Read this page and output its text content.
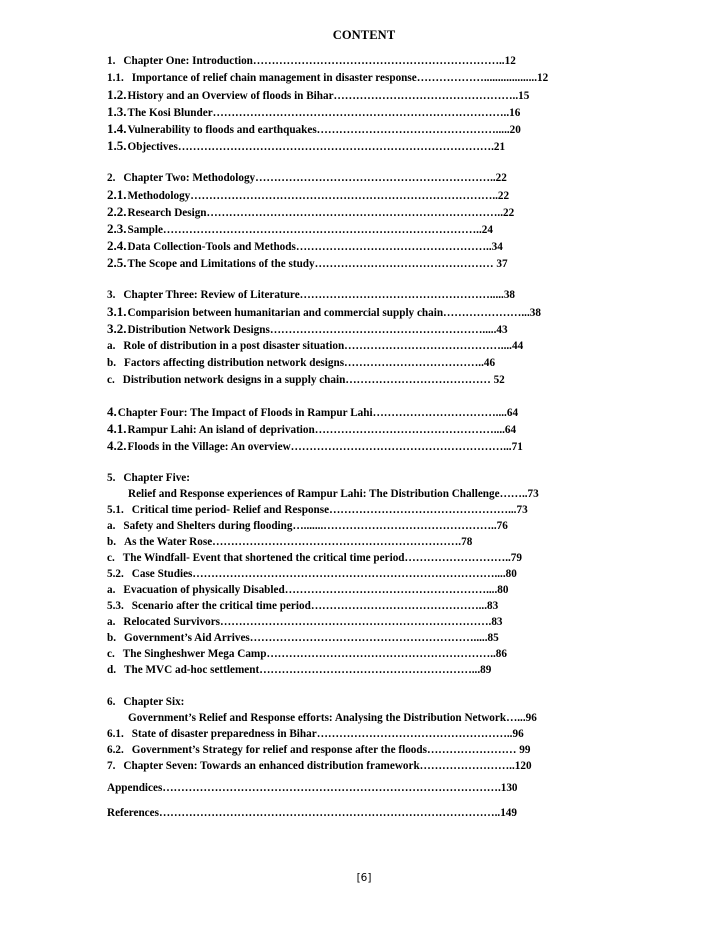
CONTENT
1. Chapter One: Introduction…………………………………………………………..12
1.1. Importance of relief chain management in disaster response………………...................12
1.2.History and an Overview of floods in Bihar…………………………………………..15
1.3.The Kosi Blunder……………………………………………………………………..16
1.4.Vulnerability to floods and earthquakes………………………………………….....20
1.5.Objectives………………………………………………………………………….21
2. Chapter Two: Methodology………………………………………………………..22
2.1.Methodology………………………………………………………………………..22
2.2.Research Design……………………………………………………………………..22
2.3.Sample…………………………………………………………………………..24
2.4.Data Collection-Tools and Methods……………………………………………..34
2.5.The Scope and Limitations of the study………………………………………… 37
3. Chapter Three: Review of Literature…………………………………………….....38
3.1.Comparision between humanitarian and commercial supply chain…………………...38
3.2.Distribution Network Designs………………………………………………….....43
a. Role of distribution in a post disaster situation……………………………………....44
b. Factors affecting distribution network designs………………………………..46
c. Distribution network designs in a supply chain………………………………… 52
4.Chapter Four: The Impact of Floods in Rampur Lahi……………………………....64
4.1.Rampur Lahi: An island of deprivation…………………………………………....64
4.2.Floods in the Village: An overview…………………………………………………...71
5. Chapter Five:
Relief and Response experiences of Rampur Lahi: The Distribution Challenge……..73
5.1. Critical time period- Relief and Response…………………………………………...73
a. Safety and Shelters during flooding….......………………………………………..76
b. As the Water Rose………………………………………………………….78
c. The Windfall- Event that shortened the critical time period………………………..79
5.2. Case Studies………………………………………………………………………....80
a. Evacuation of physically Disabled………………………………………………....80
5.3. Scenario after the critical time period………………………………………...83
a. Relocated Survivors……………………………………………………………….83
b. Government’s Aid Arrives…………………………………………………….....85
c. The Singheshwer Mega Camp……………………………………………………..86
d. The MVC ad-hoc settlement…………………………………………………...89
6. Chapter Six:
Government’s Relief and Response efforts: Analysing the Distribution Network…...96
6.1. State of disaster preparedness in Bihar……………………………………………..96
6.2. Government’s Strategy for relief and response after the floods…………………… 99
7. Chapter Seven: Towards an enhanced distribution framework……………………..120
Appendices……………………………………………………………………………….130
References………………………………………………………………………………..149
[6]
